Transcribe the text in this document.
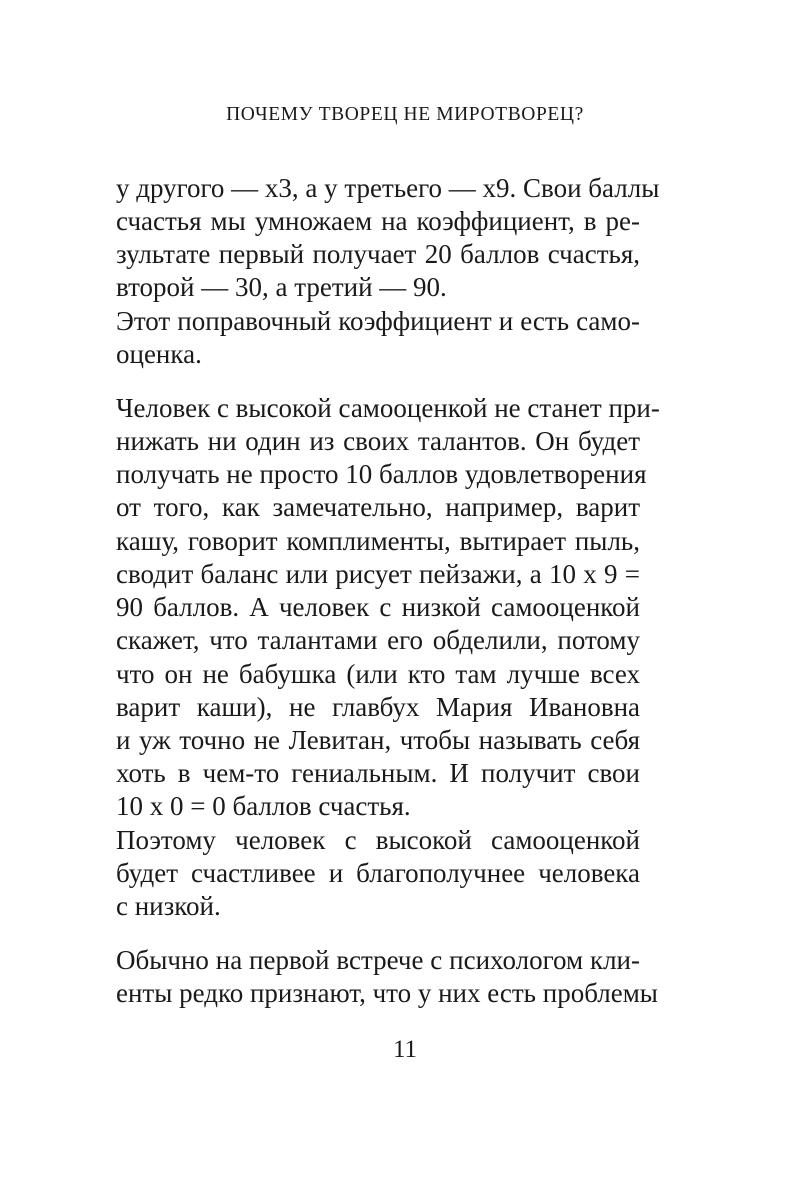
ПОЧЕМУ ТВОРЕЦ НЕ МИРОТВОРЕЦ?
у другого — х3, а у третьего — х9. Свои баллы
счастья мы умножаем на коэффициент, в ре-
зультате первый получает 20 баллов счастья,
второй — 30, а третий — 90.
Этот поправочный коэффициент и есть само-
оценка.
Человек с высокой самооценкой не станет при-
нижать ни один из своих талантов. Он будет
получать не просто 10 баллов удовлетворения
от того, как замечательно, например, варит
кашу, говорит комплименты, вытирает пыль,
сводит баланс или рисует пейзажи, а 10 х 9 =
90 баллов. А человек с низкой самооценкой
скажет, что талантами его обделили, потому
что он не бабушка (или кто там лучше всех
варит каши), не главбух Мария Ивановна
и уж точно не Левитан, чтобы называть себя
хоть в чем-то гениальным. И получит свои
10 х 0 = 0 баллов счастья.
Поэтому человек с высокой самооценкой
будет счастливее и благополучнее человека
с низкой.
Обычно на первой встрече с психологом кли-
енты редко признают, что у них есть проблемы
11
